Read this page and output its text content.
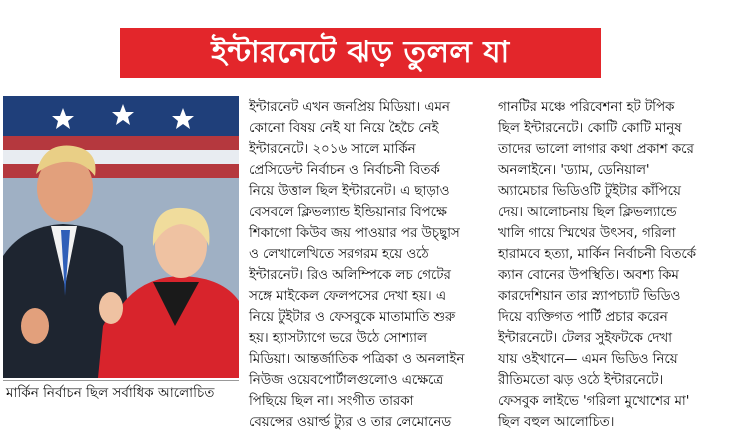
ইন্টারনেটে ঝড় তুলল যা
মার্কিন নির্বাচন ছিল সর্বাধিক আলোচিত
ইন্টারনেট এখন জনপ্রিয় মিডিয়া। এমন
কোনো বিষয় নেই যা নিয়ে হৈচৈ নেই
ইন্টারনেটে। ২০১৬ সালে মার্কিন
প্রেসিডেন্ট নির্বাচন ও নির্বাচনী বিতর্ক
নিয়ে উত্তাল ছিল ইন্টারনেট। এ ছাড়াও
বেসবলে ক্লিভল্যান্ড ইন্ডিয়ানার বিপক্ষে
শিকাগো কিউব জয় পাওয়ার পর উচ্ছ্বাস
ও লেখালেখিতে সরগরম হয়ে ওঠে
ইন্টারনেট। রিও অলিম্পিকে লচ গেটের
সঙ্গে মাইকেল ফেলপসের দেখা হয়। এ
নিয়ে টুইটার ও ফেসবুকে মাতামাতি শুরু
হয়। হ্যাসট্যাগে ভরে উঠে সোশ্যাল
মিডিয়া। আন্তর্জাতিক পত্রিকা ও অনলাইন
নিউজ ওয়েবপোর্টালগুলোও এক্ষেত্রে
পিছিয়ে ছিল না। সংগীত তারকা
বেয়ন্সের ওয়ার্ল্ড ট্যুর ও তার লেমোনেড
গানটির মঞ্চে পরিবেশনা হট টপিক
ছিল ইন্টারনেটে। কোটি কোটি মানুষ
তাদের ভালো লাগার কথা প্রকাশ করে
অনলাইনে। 'ড্যাম, ডেনিয়াল'
অ্যামেচার ভিডিওটি টুইটার কাঁপিয়ে
দেয়। আলোচনায় ছিল ক্লিভল্যান্ডে
খালি গায়ে স্মিথের উৎসব, গরিলা
হারামবে হত্যা, মার্কিন নির্বাচনী বিতর্কে
ক্যান বোনের উপস্থিতি। অবশ্য কিম
কারদেশিয়ান তার স্ন্যাপচ্যাট ভিডিও
দিয়ে ব্যক্তিগত পার্টি প্রচার করেন
ইন্টারনেটে। টেলর সুইফটকে দেখা
যায় ওইখানে— এমন ভিডিও নিয়ে
রীতিমতো ঝড় ওঠে ইন্টারনেটে।
ফেসবুক লাইভে 'গরিলা মুখোশের মা'
ছিল বহুল আলোচিত।
